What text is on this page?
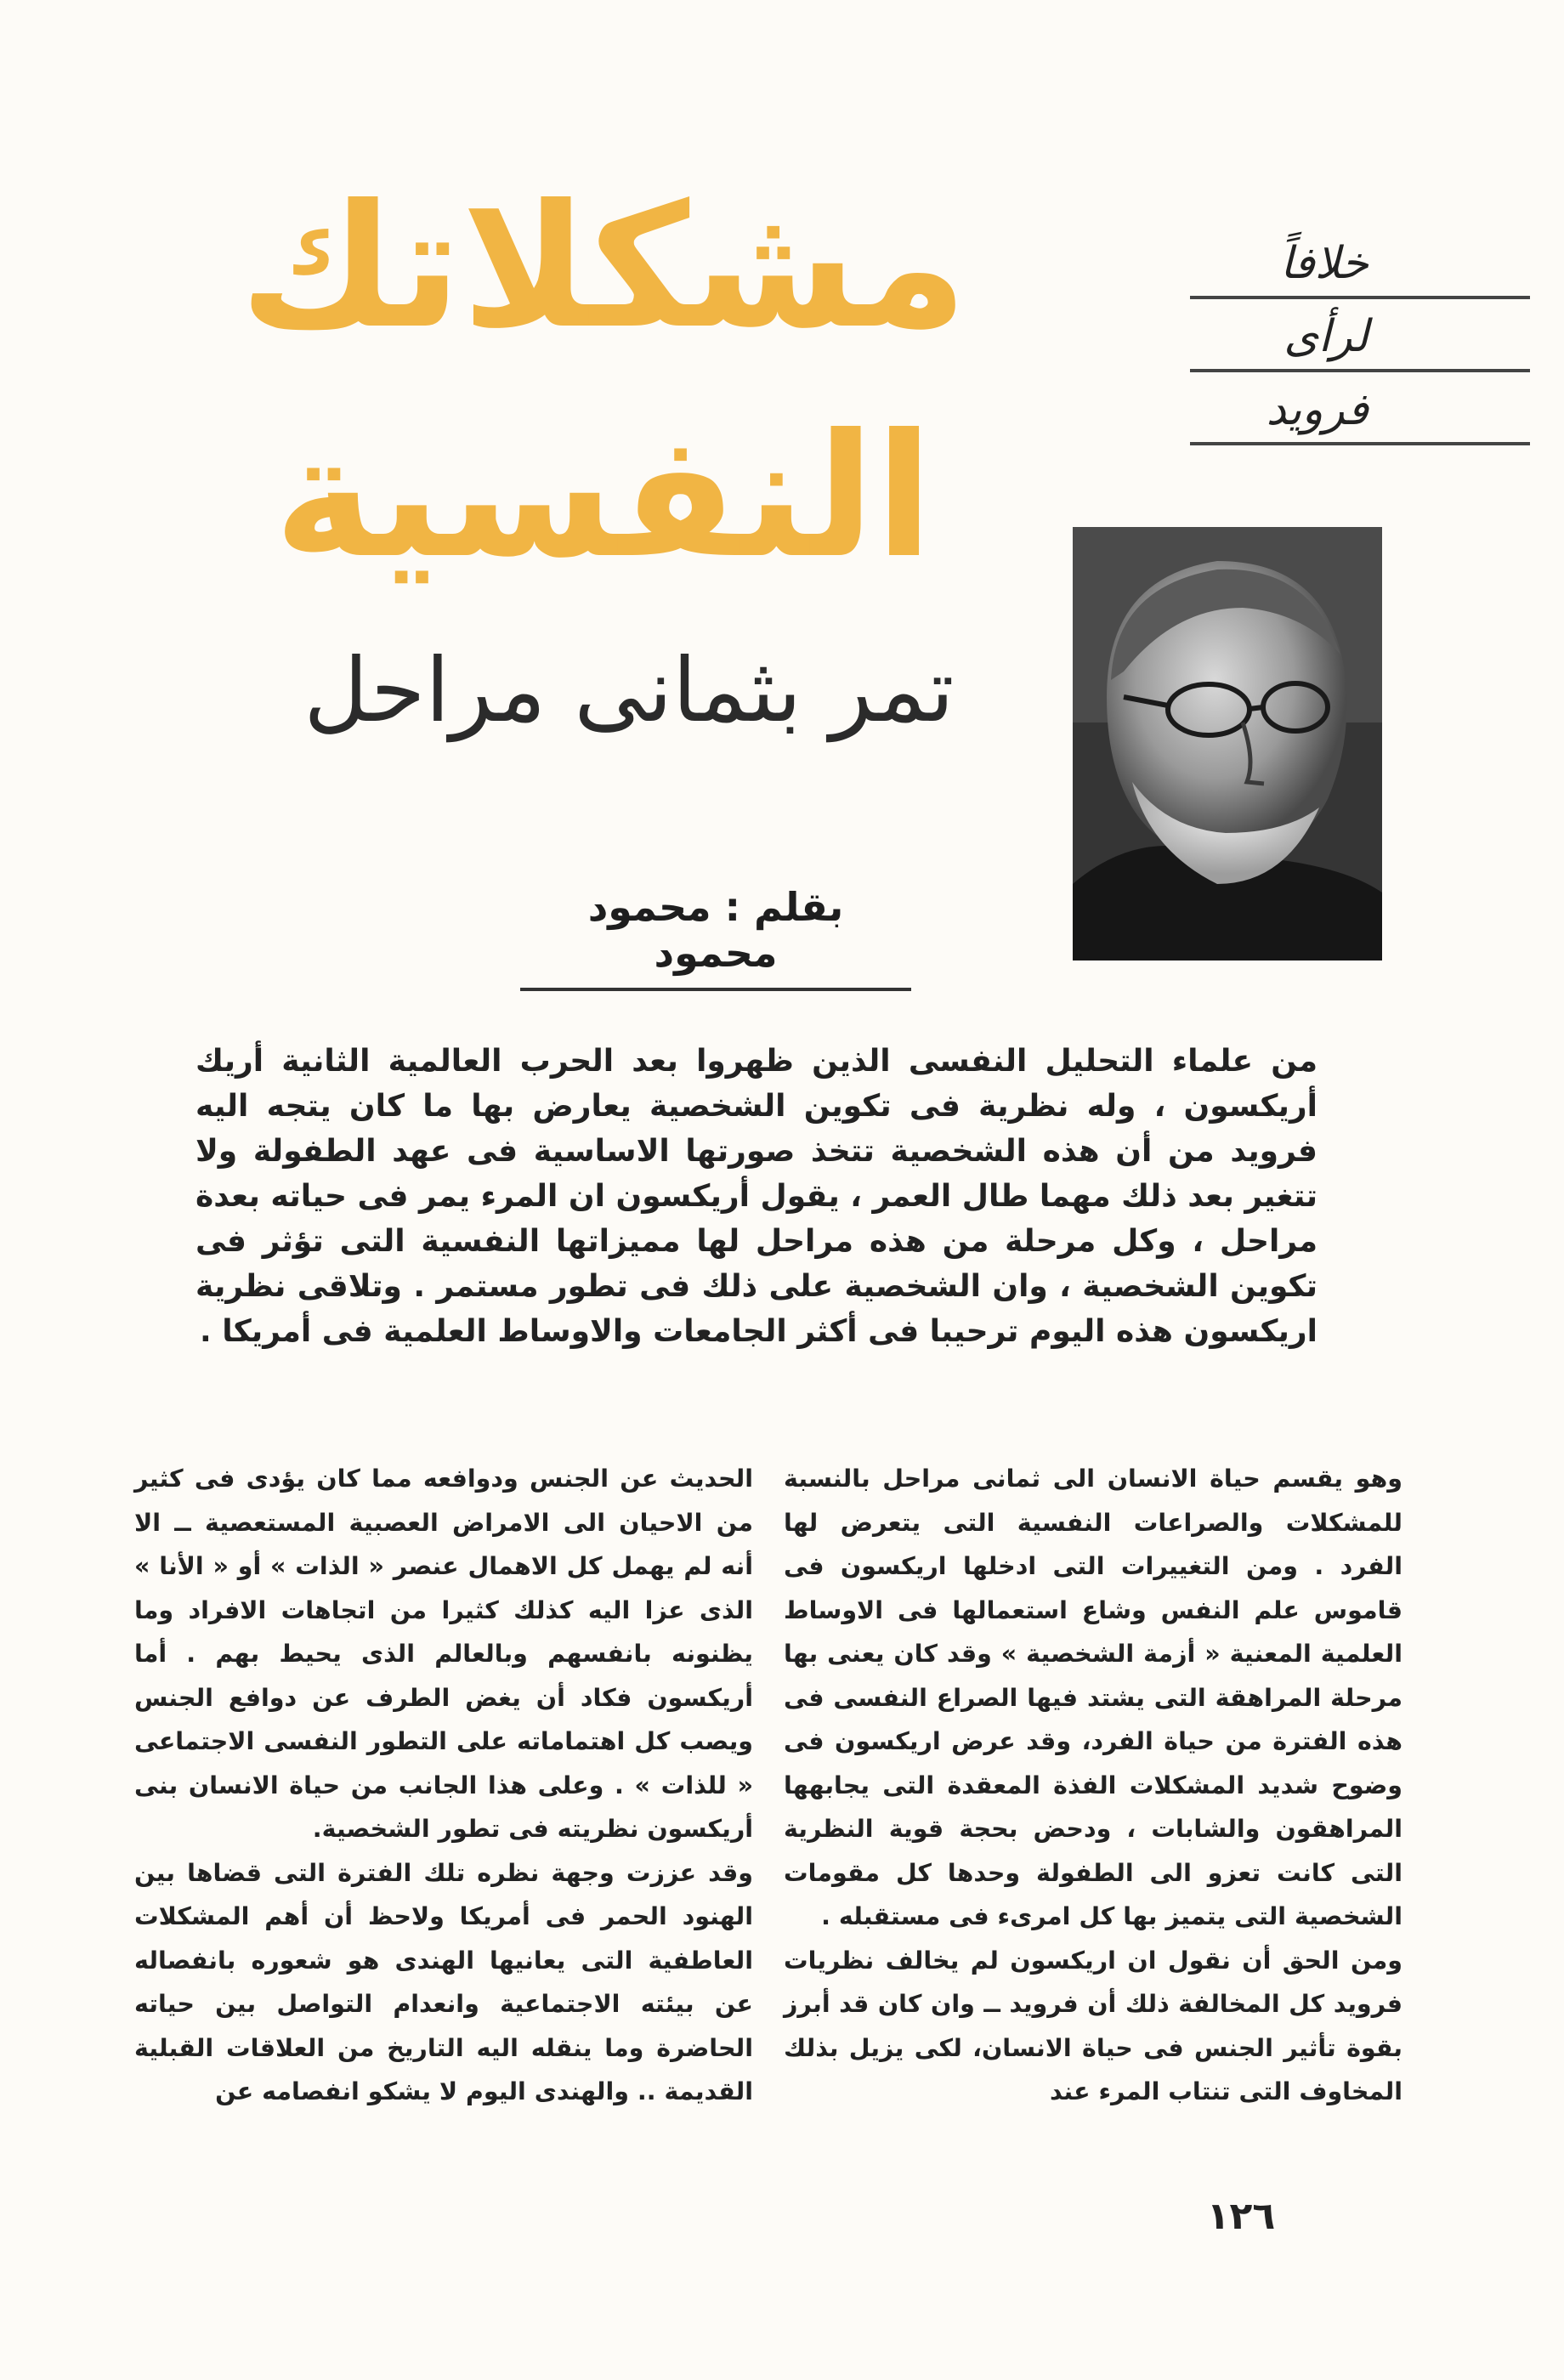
مشكلاتك
النفسية
تمر بثمانى مراحل
خلافاً
لرأى
فرويد
بقلم : محمود محمود
من علماء التحليل النفسى الذين ظهروا بعد الحرب العالمية الثانية أريك أريكسون ، وله نظرية فى تكوين الشخصية يعارض بها ما كان يتجه اليه فرويد من أن هذه الشخصية تتخذ صورتها الاساسية فى عهد الطفولة ولا تتغير بعد ذلك مهما طال العمر ، يقول أريكسون ان المرء يمر فى حياته بعدة مراحل ، وكل مرحلة من هذه مراحل لها مميزاتها النفسية التى تؤثر فى تكوين الشخصية ، وان الشخصية على ذلك فى تطور مستمر . وتلاقى نظرية اريكسون هذه اليوم ترحيبا فى أكثر الجامعات والاوساط العلمية فى أمريكا .

وهو يقسم حياة الانسان الى ثمانى مراحل بالنسبة للمشكلات والصراعات النفسية التى يتعرض لها الفرد . ومن التغييرات التى ادخلها اريكسون فى قاموس علم النفس وشاع استعمالها فى الاوساط العلمية المعنية « أزمة الشخصية » وقد كان يعنى بها مرحلة المراهقة التى يشتد فيها الصراع النفسى فى هذه الفترة من حياة الفرد، وقد عرض اريكسون فى وضوح شديد المشكلات الفذة المعقدة التى يجابهها المراهقون والشابات ، ودحض بحجة قوية النظرية التى كانت تعزو الى الطفولة وحدها كل مقومات الشخصية التى يتميز بها كل امرىء فى مستقبله .

ومن الحق أن نقول ان اريكسون لم يخالف نظريات فرويد كل المخالفة ذلك أن فرويد ــ وان كان قد أبرز بقوة تأثير الجنس فى حياة الانسان، لكى يزيل بذلك المخاوف التى تنتاب المرء عند

الحديث عن الجنس ودوافعه مما كان يؤدى فى كثير من الاحيان الى الامراض العصبية المستعصية ــ الا أنه لم يهمل كل الاهمال عنصر « الذات » أو « الأنا » الذى عزا اليه كذلك كثيرا من اتجاهات الافراد وما يظنونه بانفسهم وبالعالم الذى يحيط بهم . أما أريكسون فكاد أن يغض الطرف عن دوافع الجنس ويصب كل اهتماماته على التطور النفسى الاجتماعى « للذات » . وعلى هذا الجانب من حياة الانسان بنى أريكسون نظريته فى تطور الشخصية.

وقد عززت وجهة نظره تلك الفترة التى قضاها بين الهنود الحمر فى أمريكا ولاحظ أن أهم المشكلات العاطفية التى يعانيها الهندى هو شعوره بانفصاله عن بيئته الاجتماعية وانعدام التواصل بين حياته الحاضرة وما ينقله اليه التاريخ من العلاقات القبلية القديمة .. والهندى اليوم لا يشكو انفصامه عن

١٢٦
